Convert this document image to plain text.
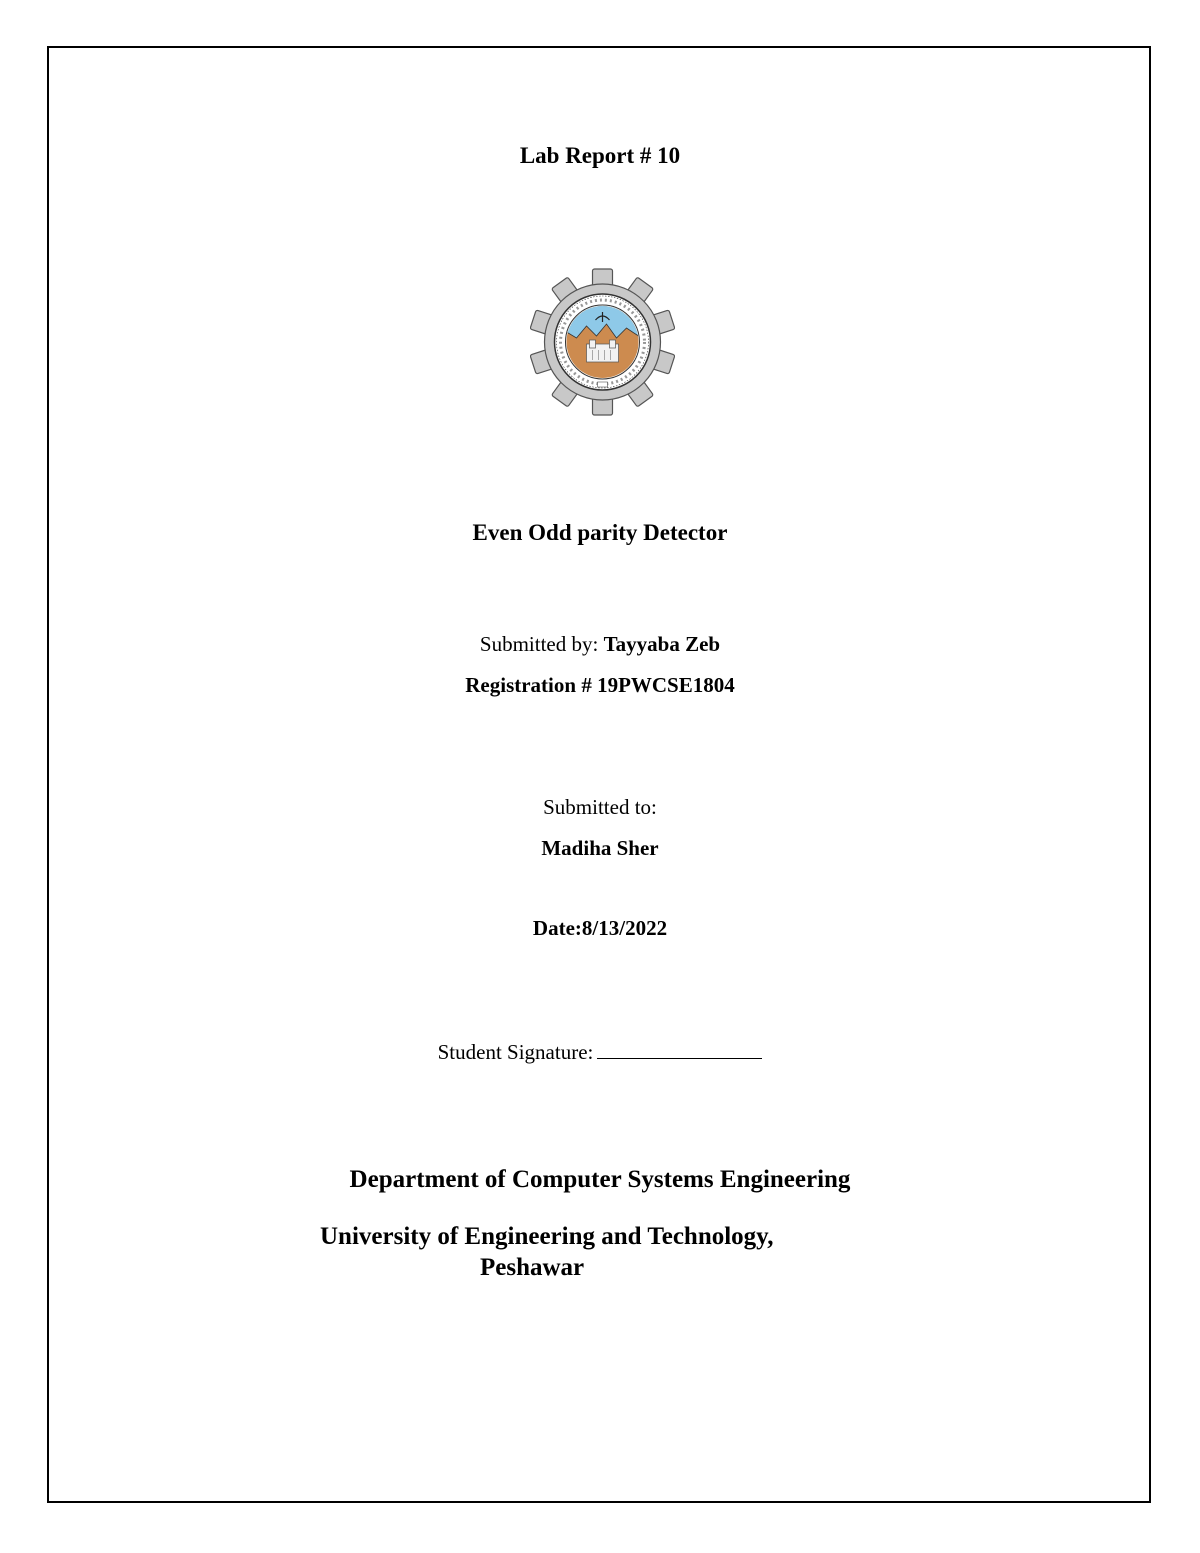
Lab Report # 10
Even Odd parity Detector
Submitted by: Tayyaba Zeb
Registration # 19PWCSE1804
Submitted to:
Madiha Sher
Date:8/13/2022
Student Signature:
Department of Computer Systems Engineering
University of Engineering and Technology,
Peshawar
